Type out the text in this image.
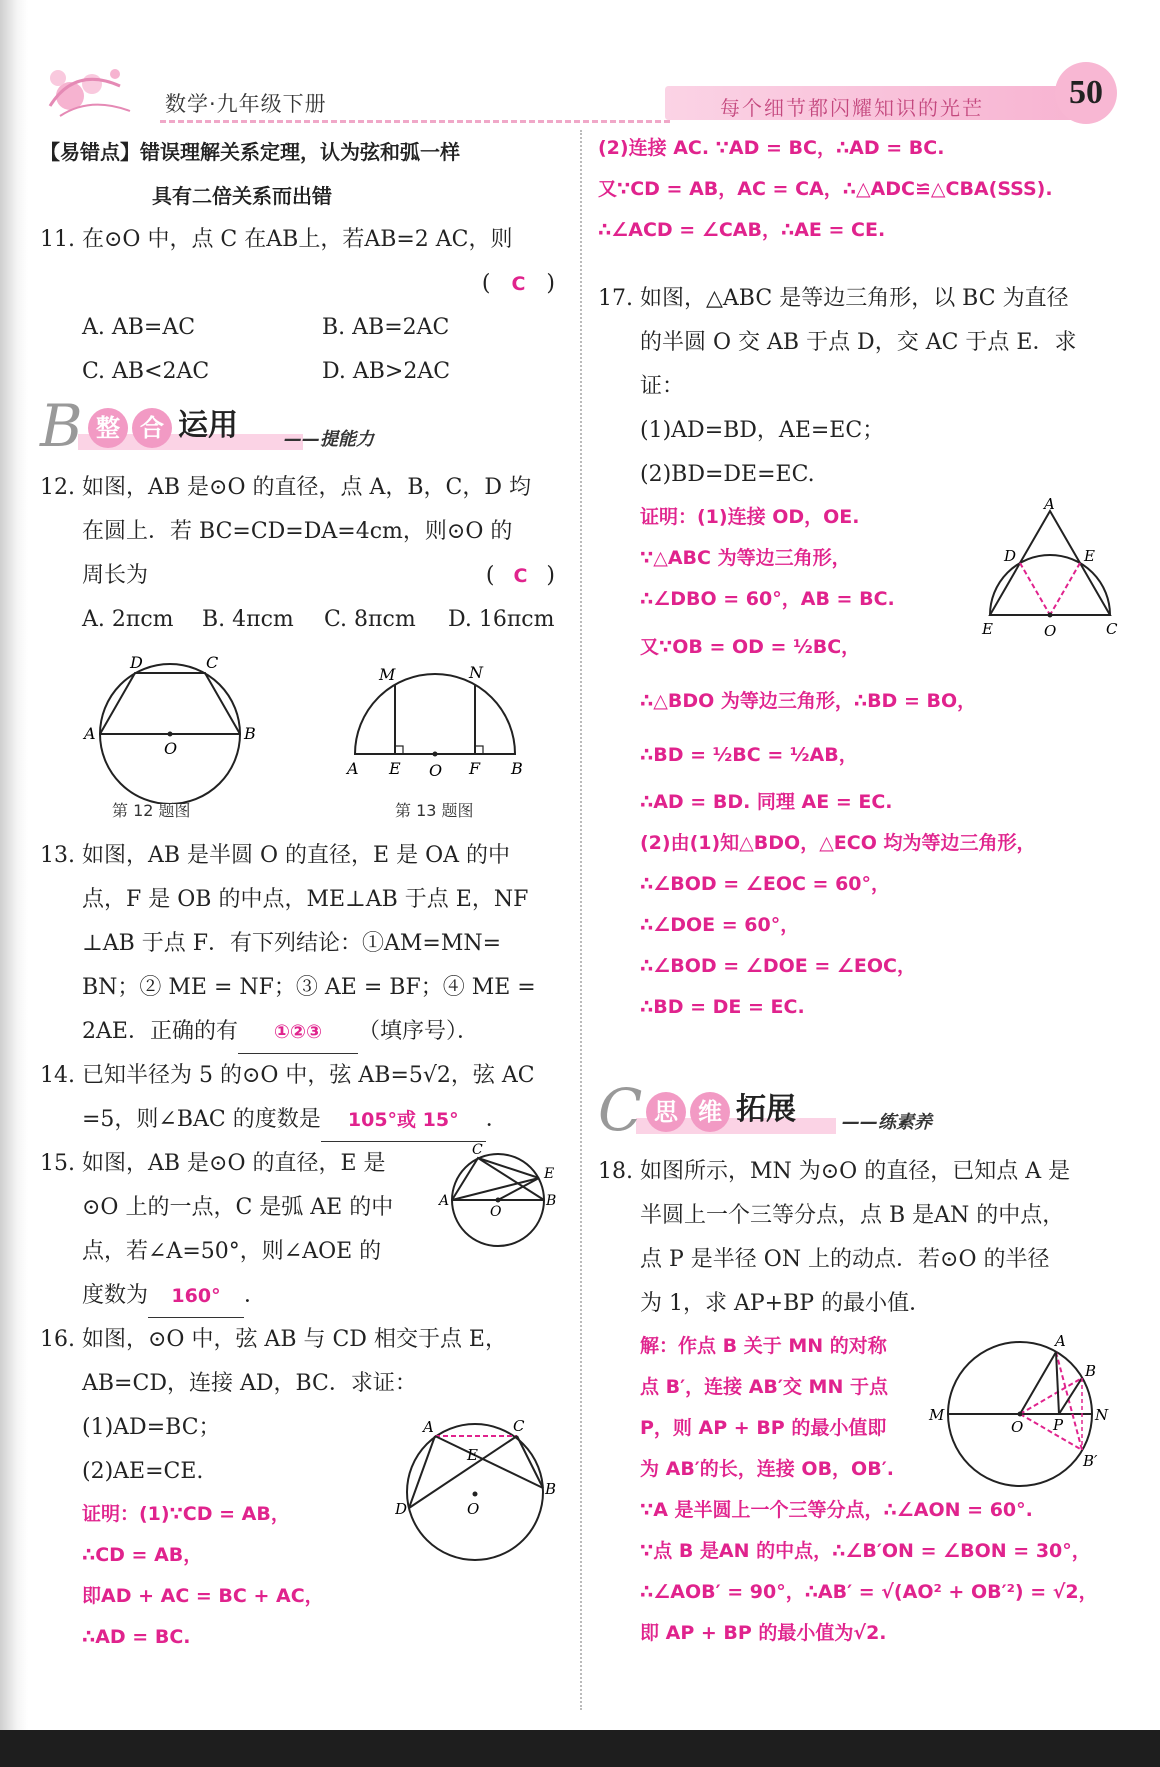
数学·九年级下册	每个细节都闪耀知识的光芒	50

【易错点】错误理解关系定理，认为弦和弧一样

具有二倍关系而出错

11. 在⊙O 中，点 C 在AB上，若AB=2 AC，则

( C )

A. AB=AC	B. AB=2AC

C. AB<2AC	D. AB>2AC

B 整 合 运用	——提能力

12. 如图，AB 是⊙O 的直径，点 A，B，C，D 均

在圆上．若 BC=CD=DA=4cm，则⊙O 的

周长为	( C )

A. 2πcm	B. 4πcm	C. 8πcm	D. 16πcm

D	C
A	B
O
第 12 题图
M	N
A E O F B
第 13 题图

13. 如图，AB 是半圆 O 的直径，E 是 OA 的中

点，F 是 OB 的中点，ME⊥AB 于点 E，NF

⊥AB 于点 F．有下列结论：①AM=MN=

BN；② ME = NF；③ AE = BF；④ ME =

2AE．正确的有 ①②③ （填序号）．

14. 已知半径为 5 的⊙O 中，弦 AB=5√2，弦 AC

=5，则∠BAC 的度数是 105°或 15° ．

15. 如图，AB 是⊙O 的直径，E 是

⊙O 上的一点，C 是弧 AE 的中

点，若∠A=50°，则∠AOE 的

度数为 160° ．

C
E
A
O
B

16. 如图，⊙O 中，弦 AB 与 CD 相交于点 E，

AB=CD，连接 AD，BC．求证：

(1)AD=BC；

(2)AE=CE.

证明：(1)∵CD = AB，

∴CD = AB，

即AD + AC = BC + AC，

∴AD = BC.

A	C
E
D	O
B

(2)连接 AC. ∵AD = BC，∴AD = BC.

又∵CD = AB，AC = CA，∴△ADC≌△CBA(SSS).

∴∠ACD = ∠CAB，∴AE = CE.

17. 如图，△ABC 是等边三角形，以 BC 为直径

的半圆 O 交 AB 于点 D，交 AC 于点 E．求

证：

(1)AD=BD，AE=EC；

(2)BD=DE=EC.

证明：(1)连接 OD，OE.

∵△ABC 为等边三角形，

∴∠DBO = 60°，AB = BC.

又∵OB = OD = ½BC，

∴△BDO 为等边三角形，∴BD = BO，

∴BD = ½BC = ½AB，

∴AD = BD. 同理 AE = EC.

(2)由(1)知△BDO，△ECO 均为等边三角形，

∴∠BOD = ∠EOC = 60°，

∴∠DOE = 60°，

∴∠BOD = ∠DOE = ∠EOC，

∴BD = DE = EC.

A
D	E
E	O	C
C 思 维 拓展	——练素养

18. 如图所示，MN 为⊙O 的直径，已知点 A 是

半圆上一个三等分点，点 B 是AN 的中点，

点 P 是半径 ON 上的动点．若⊙O 的半径

为 1，求 AP+BP 的最小值．

解：作点 B 关于 MN 的对称

点 B′，连接 AB′交 MN 于点

P，则 AP + BP 的最小值即

为 AB′的长，连接 OB，OB′.

∵A 是半圆上一个三等分点，∴∠AON = 60°.

∵点 B 是AN 的中点，∴∠B′ON = ∠BON = 30°，

∴∠AOB′ = 90°，∴AB′ = √(AO² + OB′²) = √2，

即 AP + BP 的最小值为√2.

A
B
M
O P
N
B′
